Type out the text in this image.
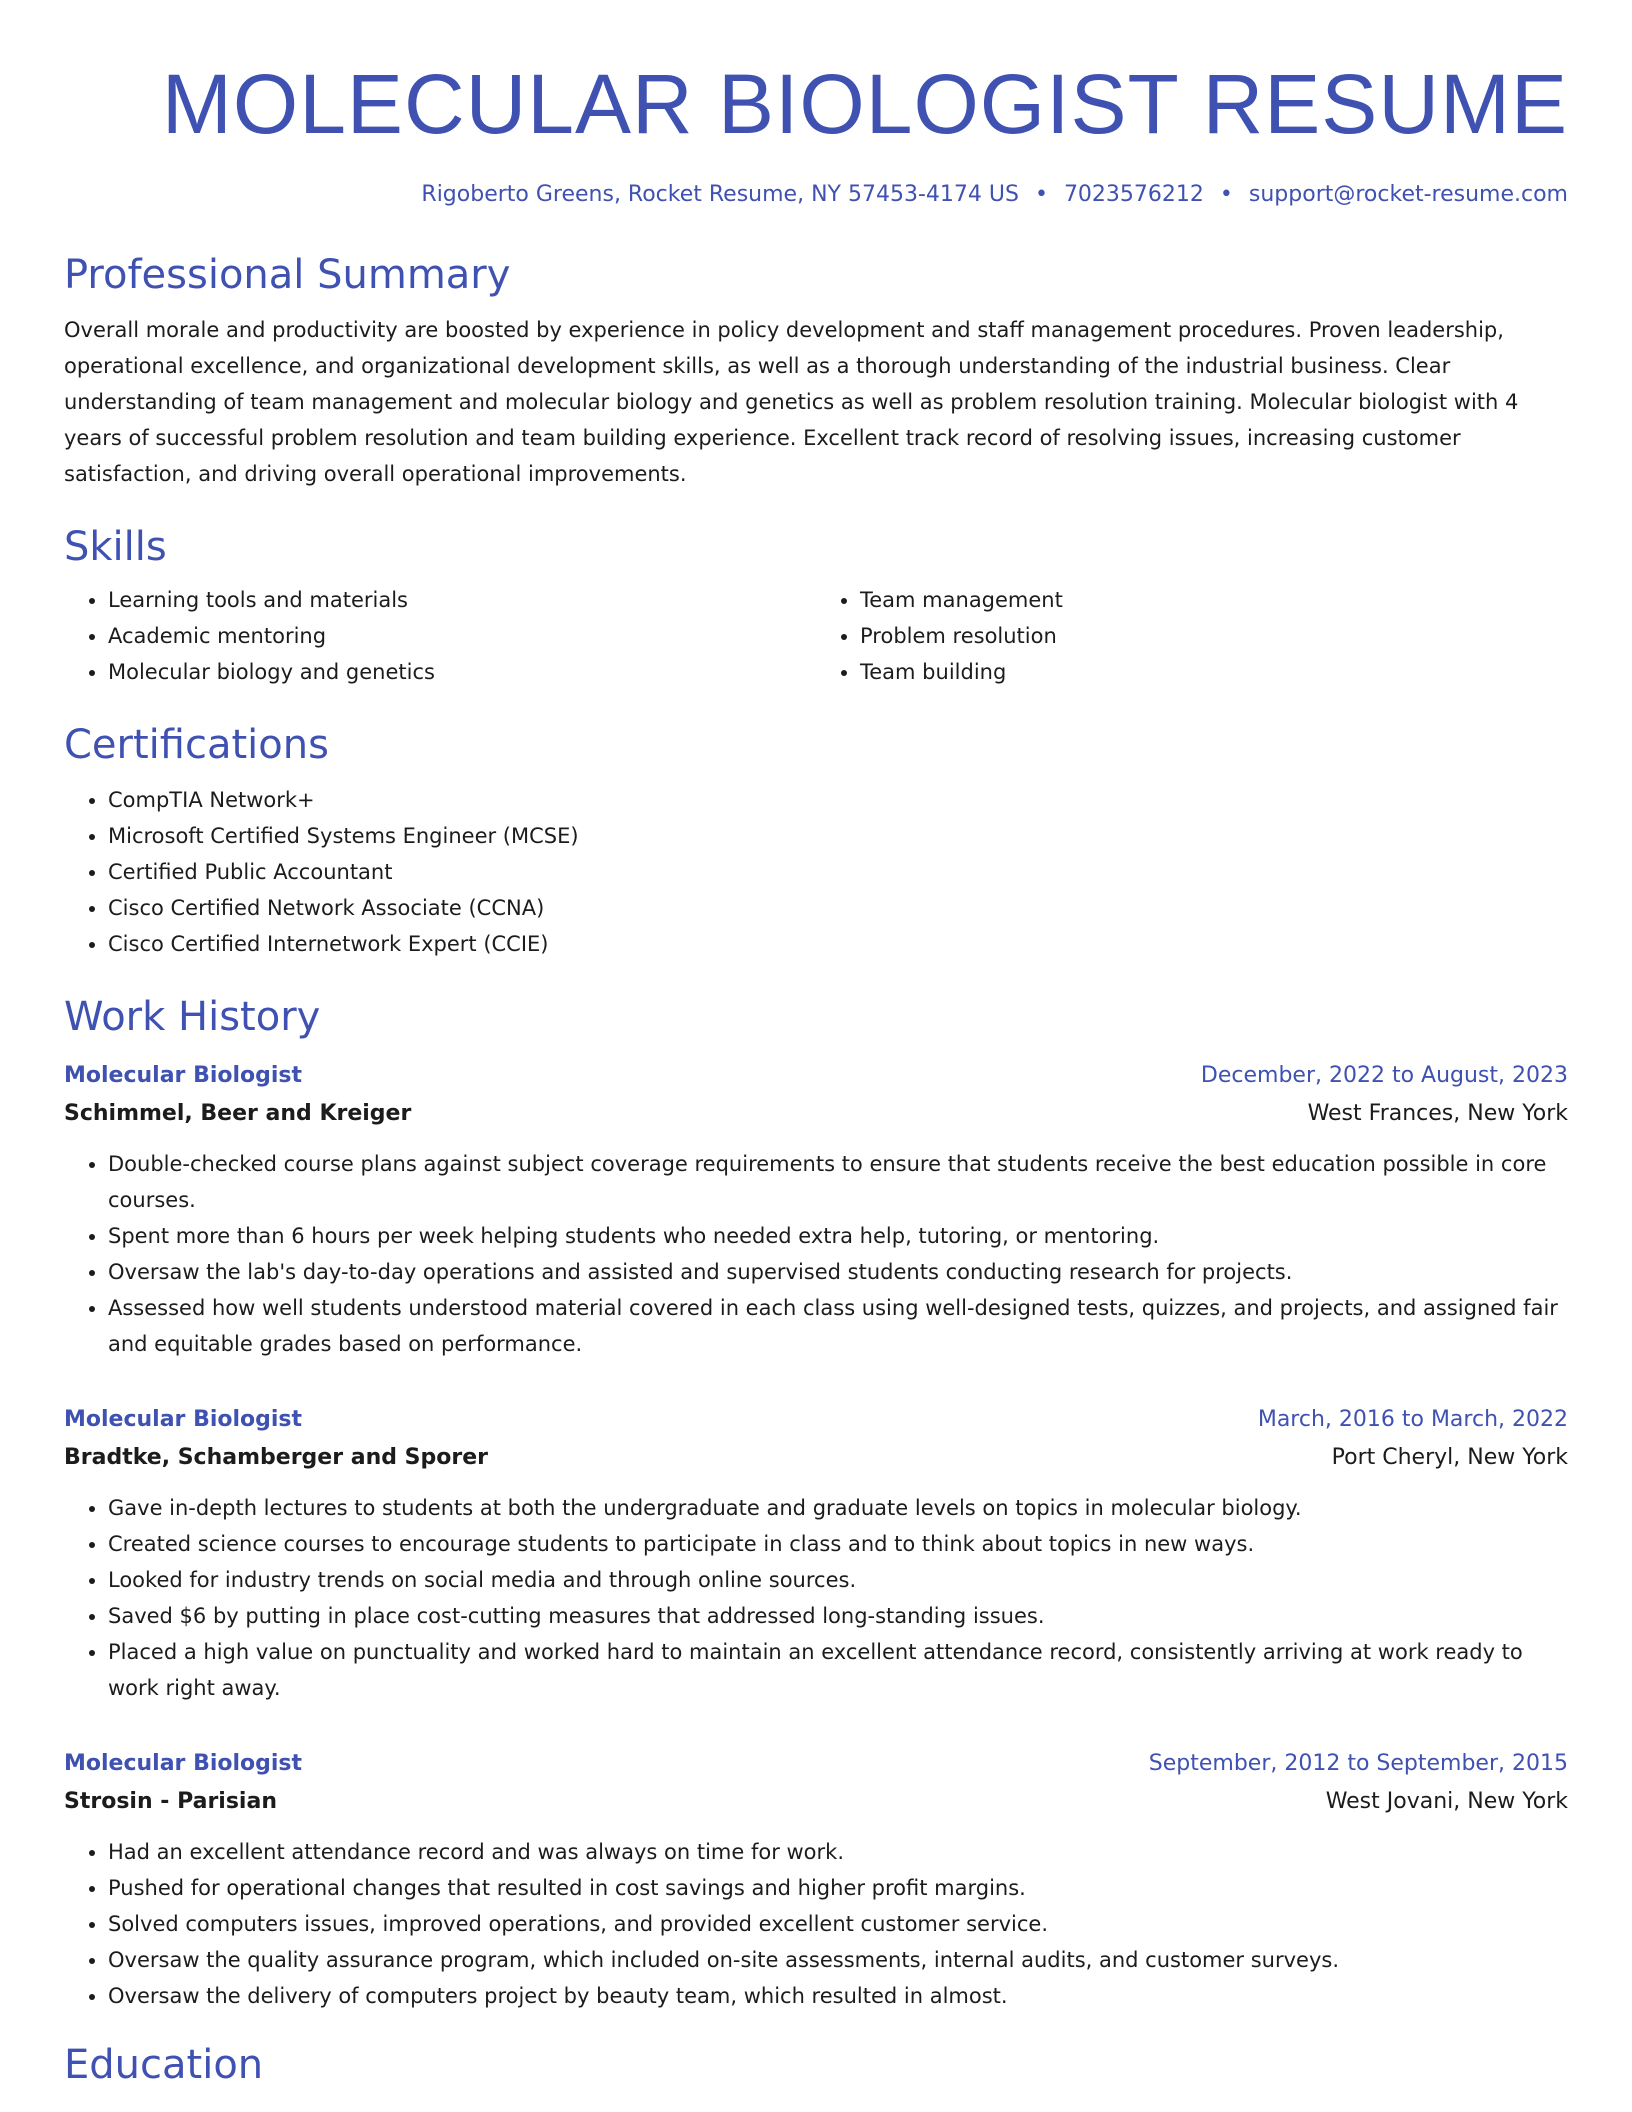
MOLECULAR BIOLOGIST RESUME
Rigoberto Greens, Rocket Resume, NY 57453-4174 US • 7023576212 • support@rocket-resume.com
Professional Summary

Overall morale and productivity are boosted by experience in policy development and staff management procedures. Proven leadership, operational excellence, and organizational development skills, as well as a thorough understanding of the industrial business. Clear understanding of team management and molecular biology and genetics as well as problem resolution training. Molecular biologist with 4 years of successful problem resolution and team building experience. Excellent track record of resolving issues, increasing customer satisfaction, and driving overall operational improvements.

Skills
• Learning tools and materials
• Academic mentoring
• Molecular biology and genetics
• Team management
• Problem resolution
• Team building
Certifications
• CompTIA Network+
• Microsoft Certified Systems Engineer (MCSE)
• Certified Public Accountant
• Cisco Certified Network Associate (CCNA)
• Cisco Certified Internetwork Expert (CCIE)
Work History
Molecular Biologist	December, 2022 to August, 2023
Schimmel, Beer and Kreiger	West Frances, New York
• Double-checked course plans against subject coverage requirements to ensure that students receive the best education possible in core courses.
• Spent more than 6 hours per week helping students who needed extra help, tutoring, or mentoring.
• Oversaw the lab's day-to-day operations and assisted and supervised students conducting research for projects.
• Assessed how well students understood material covered in each class using well-designed tests, quizzes, and projects, and assigned fair and equitable grades based on performance.
Molecular Biologist	March, 2016 to March, 2022
Bradtke, Schamberger and Sporer	Port Cheryl, New York
• Gave in-depth lectures to students at both the undergraduate and graduate levels on topics in molecular biology.
• Created science courses to encourage students to participate in class and to think about topics in new ways.
• Looked for industry trends on social media and through online sources.
• Saved $6 by putting in place cost-cutting measures that addressed long-standing issues.
• Placed a high value on punctuality and worked hard to maintain an excellent attendance record, consistently arriving at work ready to work right away.
Molecular Biologist	September, 2012 to September, 2015
Strosin - Parisian	West Jovani, New York
• Had an excellent attendance record and was always on time for work.
• Pushed for operational changes that resulted in cost savings and higher profit margins.
• Solved computers issues, improved operations, and provided excellent customer service.
• Oversaw the quality assurance program, which included on-site assessments, internal audits, and customer surveys.
• Oversaw the delivery of computers project by beauty team, which resulted in almost.
Education
